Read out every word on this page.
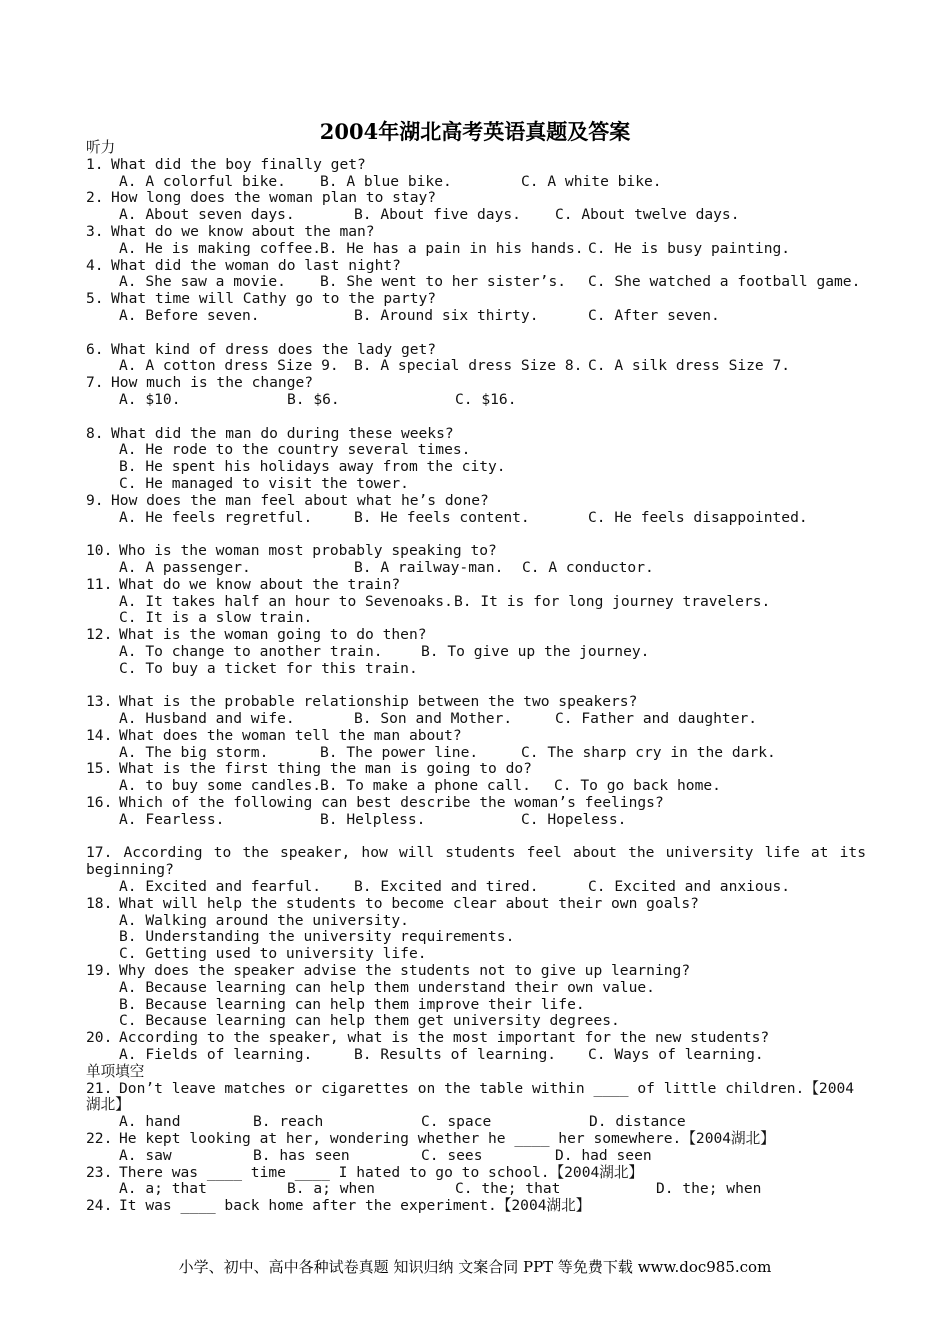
2004年湖北高考英语真题及答案
听力
1. What did the boy finally get?
A. A colorful bike.	B. A blue bike.	C. A white bike.
2. How long does the woman plan to stay?
A. About seven days.	B. About five days.	C. About twelve days.
3. What do we know about the man?
A. He is making coffee.
B. He has a pain in his hands. C. He is busy painting.
4. What did the woman do last night?
A. She saw a movie.	B. She went to her sister’s.	C. She watched a football game.
5. What time will Cathy go to the party?
A. Before seven.	B. Around six thirty.	C. After seven.
6. What kind of dress does the lady get?
A. A cotton dress Size 9.	B. A special dress Size 8. C. A silk dress Size 7.
7. How much is the change?
A. $10.	B. $6.	C. $16.
8. What did the man do during these weeks?
A. He rode to the country several times.
B. He spent his holidays away from the city.
C. He managed to visit the tower.
9. How does the man feel about what he’s done?
A. He feels regretful.	B. He feels content.	C. He feels disappointed.
10. Who is the woman most probably speaking to?
A. A passenger.	B. A railway-man.	C. A conductor.
11. What do we know about the train?
A. It takes half an hour to Sevenoaks. B. It is for long journey travelers.
C. It is a slow train.
12. What is the woman going to do then?
A. To change to another train.	B. To give up the journey.
C. To buy a ticket for this train.
13. What is the probable relationship between the two speakers?
A. Husband and wife.	B. Son and Mother.	C. Father and daughter.
14. What does the woman tell the man about?
A. The big storm.	B. The power line.	C. The sharp cry in the dark.
15. What is the first thing the man is going to do?
A. to buy some candles.
B. To make a phone call.	C. To go back home.
16. Which of the following can best describe the woman’s feelings?
A. Fearless.	B. Helpless.	C. Hopeless.
17. According to the speaker, how will students feel about the university life at its beginning?
A. Excited and fearful.	B. Excited and tired.	C. Excited and anxious.
18. What will help the students to become clear about their own goals?
A. Walking around the university.
B. Understanding the university requirements.
C. Getting used to university life.
19. Why does the speaker advise the students not to give up learning?
A. Because learning can help them understand their own value.
B. Because learning can help them improve their life.
C. Because learning can help them get university degrees.
20. According to the speaker, what is the most important for the new students?
A. Fields of learning.	B. Results of learning.	C. Ways of learning.
单项填空
21. Don’t leave matches or cigarettes on the table within ____ of little children.【2004湖北】
A. hand	B. reach	C. space	D. distance
22. He kept looking at her, wondering whether he ____ her somewhere.【2004湖北】
A. saw	B. has seen	C. sees	D. had seen
23. There was ____ time ____ I hated to go to school.【2004湖北】
A. a; that	B. a; when	C. the; that	D. the; when
24. It was ____ back home after the experiment.【2004湖北】
小学、初中、高中各种试卷真题 知识归纳 文案合同 PPT 等免费下载 www.doc985.com
